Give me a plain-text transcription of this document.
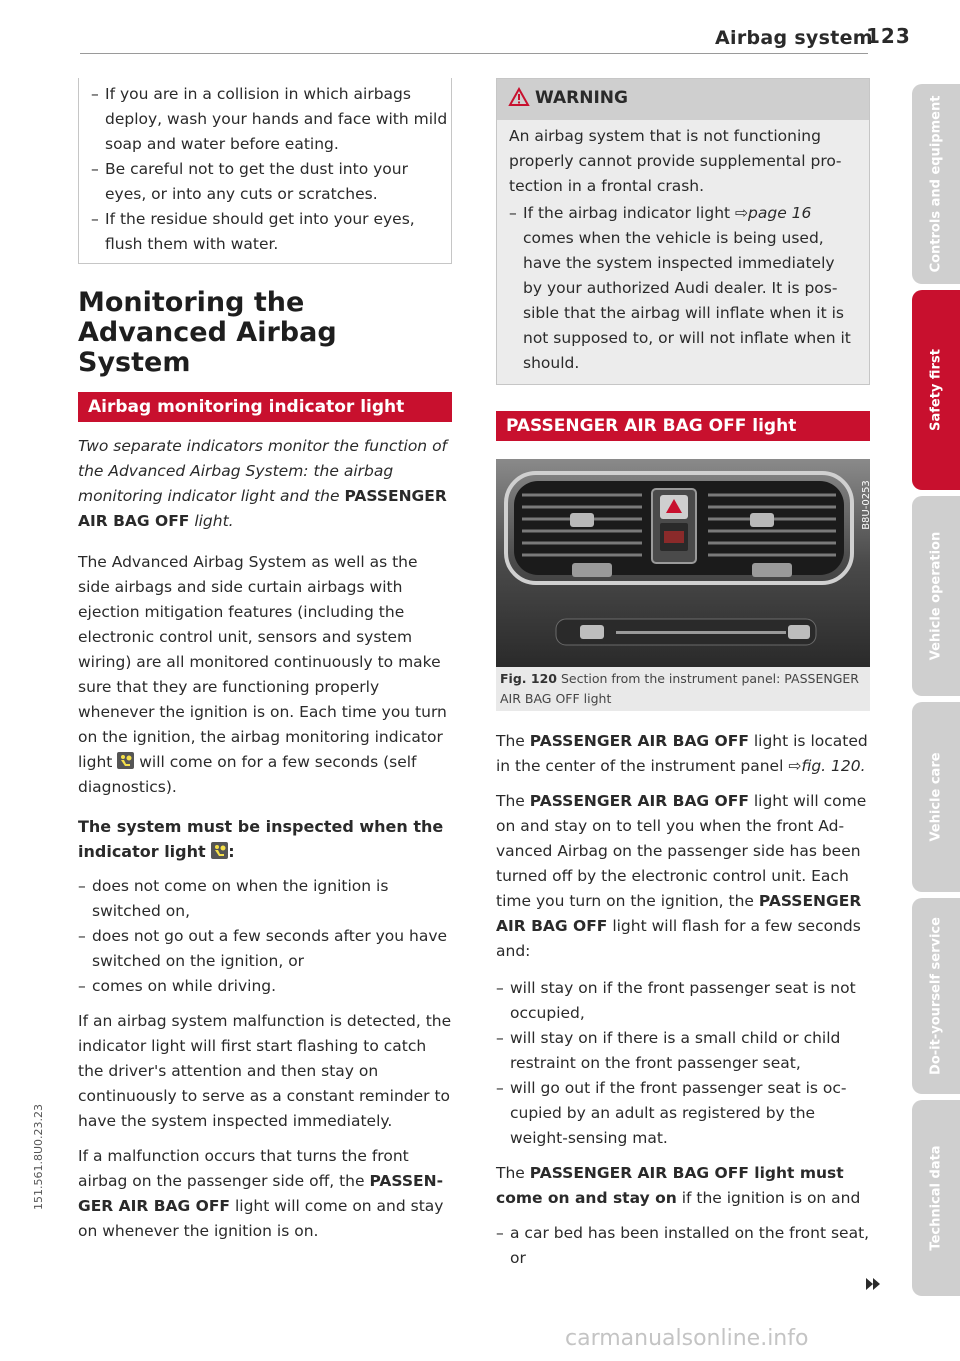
Airbag system
123
– If you are in a collision in which airbags deploy, wash your hands and face with mild soap and water before eating.
– Be careful not to get the dust into your eyes, or into any cuts or scratches.
– If the residue should get into your eyes, flush them with water.
Monitoring the Advanced Airbag System
Airbag monitoring indicator light

Two separate indicators monitor the function of the Advanced Airbag System: the airbag monitoring indicator light and the PASSENGER AIR BAG OFF light.

The Advanced Airbag System as well as the side airbags and side curtain airbags with ejection mitigation features (including the electronic control unit, sensors and system wiring) are all monitored continuously to make sure that they are functioning properly whenever the ignition is on. Each time you turn on the ignition, the airbag monitoring indicator light
will come on for a few seconds (self diagnostics).

The system must be inspected when the indicator light
:

– does not come on when the ignition is switched on,
– does not go out a few seconds after you have switched on the ignition, or
– comes on while driving.

If an airbag system malfunction is detected, the indicator light will first start flashing to catch the driver's attention and then stay on continuously to serve as a constant reminder to have the system inspected immediately.

If a malfunction occurs that turns the front airbag on the passenger side off, the PASSENGER AIR BAG OFF light will come on and stay on whenever the ignition is on.

WARNING

An airbag system that is not functioning properly cannot provide supplemental protection in a frontal crash.

– If the airbag indicator light ⇨page 16 comes when the vehicle is being used, have the system inspected immediately by your authorized Audi dealer. It is possible that the airbag will inflate when it is not supposed to, or will not inflate when it should.
PASSENGER AIR BAG OFF light
B8U-0253
Fig. 120 Section from the instrument panel: PASSENGER AIR BAG OFF light

The PASSENGER AIR BAG OFF light is located in the center of the instrument panel ⇨fig. 120.

The PASSENGER AIR BAG OFF light will come on and stay on to tell you when the front Advanced Airbag on the passenger side has been turned off by the electronic control unit. Each time you turn on the ignition, the PASSENGER AIR BAG OFF light will flash for a few seconds and:

– will stay on if the front passenger seat is not occupied,
– will stay on if there is a small child or child restraint on the front passenger seat,
– will go out if the front passenger seat is occupied by an adult as registered by the weight-sensing mat.

The PASSENGER AIR BAG OFF light must come on and stay on if the ignition is on and

– a car bed has been installed on the front seat, or
Controls and equipment
Safety first
Vehicle operation
Vehicle care
Do-it-yourself service
Technical data
151.561.8U0.23.23
carmanualsonline.info
